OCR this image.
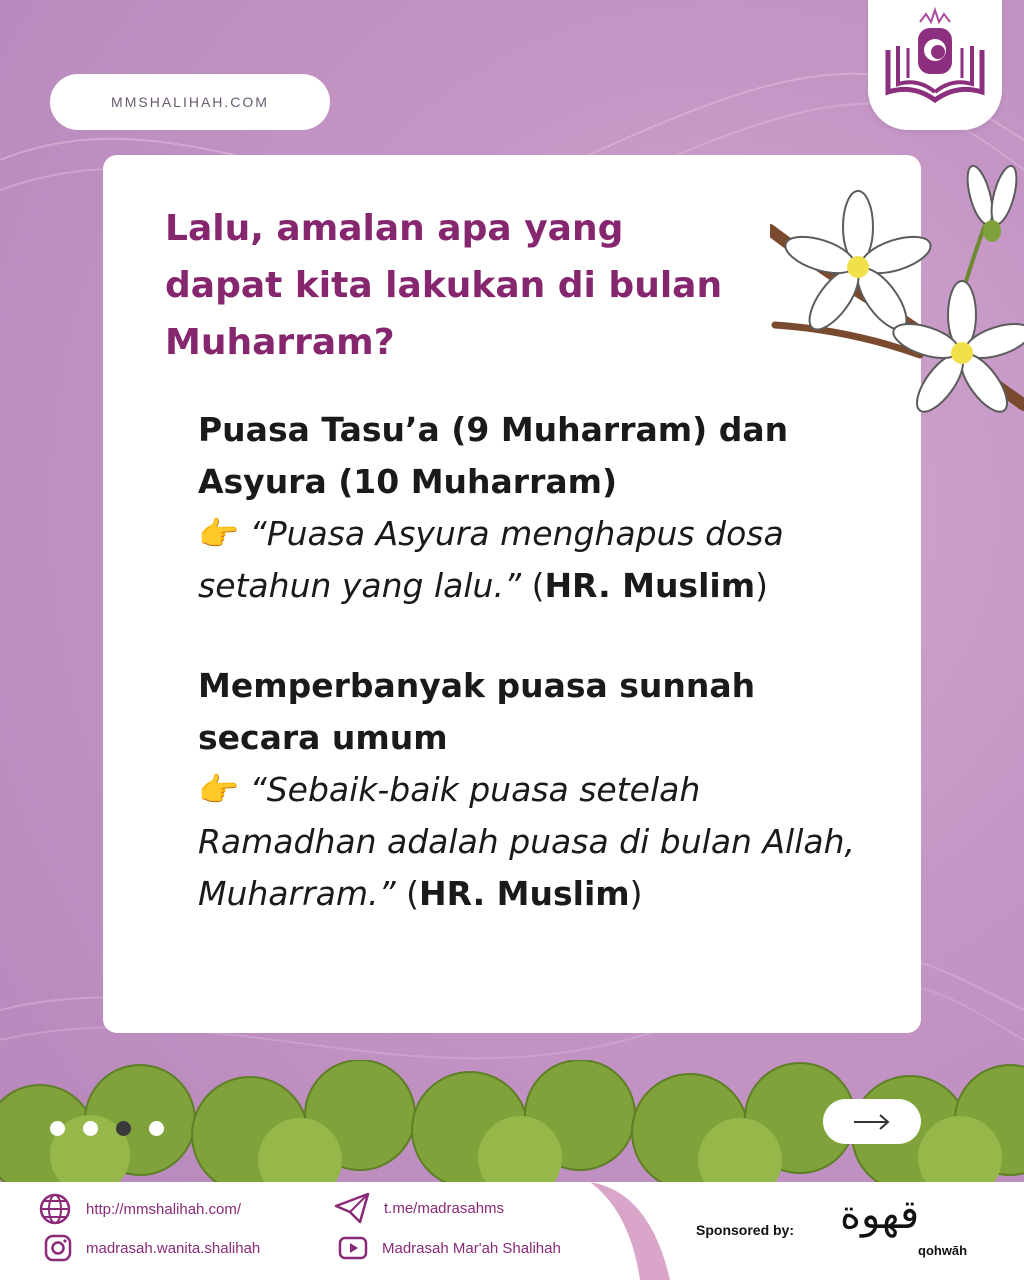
MMSHALIHAH.COM
Lalu, amalan apa yang dapat kita lakukan di bulan Muharram?
Puasa Tasu’a (9 Muharram) dan Asyura (10 Muharram)
👉 “Puasa Asyura menghapus dosa setahun yang lalu.” (HR. Muslim)
Memperbanyak puasa sunnah secara umum
👉 “Sebaik-baik puasa setelah Ramadhan adalah puasa di bulan Allah, Muharram.” (HR. Muslim)
http://mmshalihah.com/
madrasah.wanita.shalihah
t.me/madrasahms
Madrasah Mar'ah Shalihah
Sponsored by: قهوة
qohwāh
